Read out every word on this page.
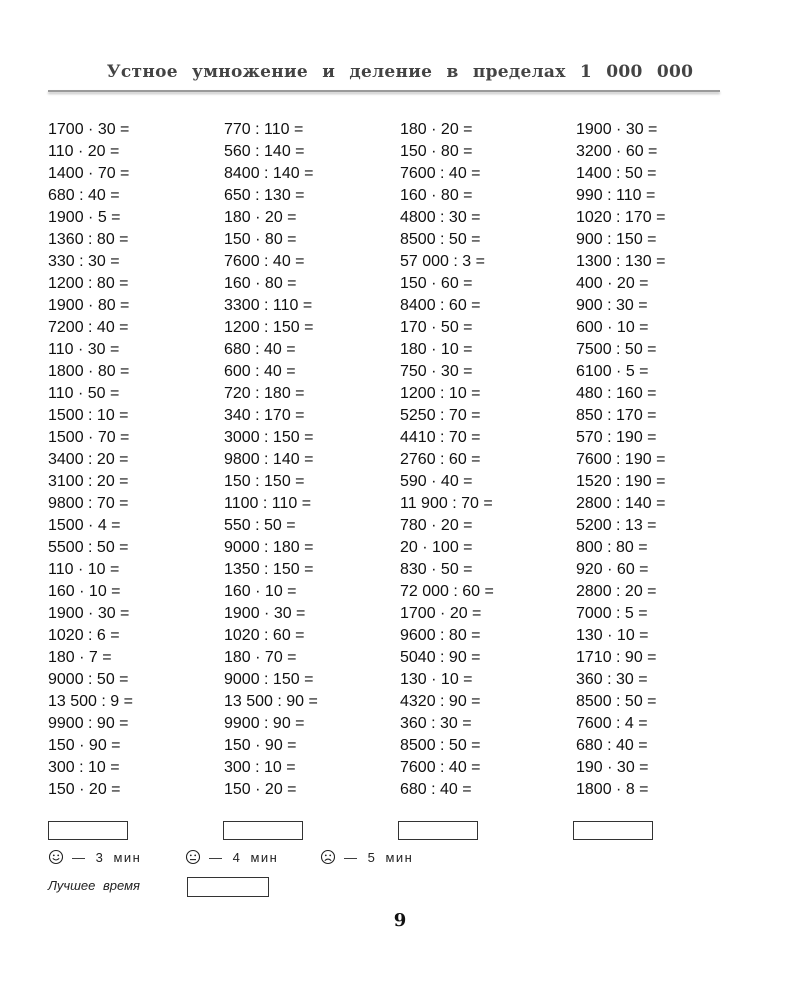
Устное умножение и деление в пределах 1 000 000
1700 · 30 =
110 · 20 =
1400 · 70 =
680 : 40 =
1900 · 5 =
1360 : 80 =
330 : 30 =
1200 : 80 =
1900 · 80 =
7200 : 40 =
110 · 30 =
1800 · 80 =
110 · 50 =
1500 : 10 =
1500 · 70 =
3400 : 20 =
3100 : 20 =
9800 : 70 =
1500 · 4 =
5500 : 50 =
110 · 10 =
160 · 10 =
1900 · 30 =
1020 : 6 =
180 · 7 =
9000 : 50 =
13 500 : 9 =
9900 : 90 =
150 · 90 =
300 : 10 =
150 · 20 =
770 : 110 =
560 : 140 =
8400 : 140 =
650 : 130 =
180 · 20 =
150 · 80 =
7600 : 40 =
160 · 80 =
3300 : 110 =
1200 : 150 =
680 : 40 =
600 : 40 =
720 : 180 =
340 : 170 =
3000 : 150 =
9800 : 140 =
150 : 150 =
1100 : 110 =
550 : 50 =
9000 : 180 =
1350 : 150 =
160 · 10 =
1900 · 30 =
1020 : 60 =
180 · 70 =
9000 : 150 =
13 500 : 90 =
9900 : 90 =
150 · 90 =
300 : 10 =
150 · 20 =
180 · 20 =
150 · 80 =
7600 : 40 =
160 · 80 =
4800 : 30 =
8500 : 50 =
57 000 : 3 =
150 · 60 =
8400 : 60 =
170 · 50 =
180 · 10 =
750 · 30 =
1200 : 10 =
5250 : 70 =
4410 : 70 =
2760 : 60 =
590 · 40 =
11 900 : 70 =
780 · 20 =
20 · 100 =
830 · 50 =
72 000 : 60 =
1700 · 20 =
9600 : 80 =
5040 : 90 =
130 · 10 =
4320 : 90 =
360 : 30 =
8500 : 50 =
7600 : 40 =
680 : 40 =
1900 · 30 =
3200 · 60 =
1400 : 50 =
990 : 110 =
1020 : 170 =
900 : 150 =
1300 : 130 =
400 · 20 =
900 : 30 =
600 · 10 =
7500 : 50 =
6100 · 5 =
480 : 160 =
850 : 170 =
570 : 190 =
7600 : 190 =
1520 : 190 =
2800 : 140 =
5200 : 13 =
800 : 80 =
920 · 60 =
2800 : 20 =
7000 : 5 =
130 · 10 =
1710 : 90 =
360 : 30 =
8500 : 50 =
7600 : 4 =
680 : 40 =
190 · 30 =
1800 · 8 =
— 3 мин	— 4 мин	— 5 мин
Лучшее время
9
